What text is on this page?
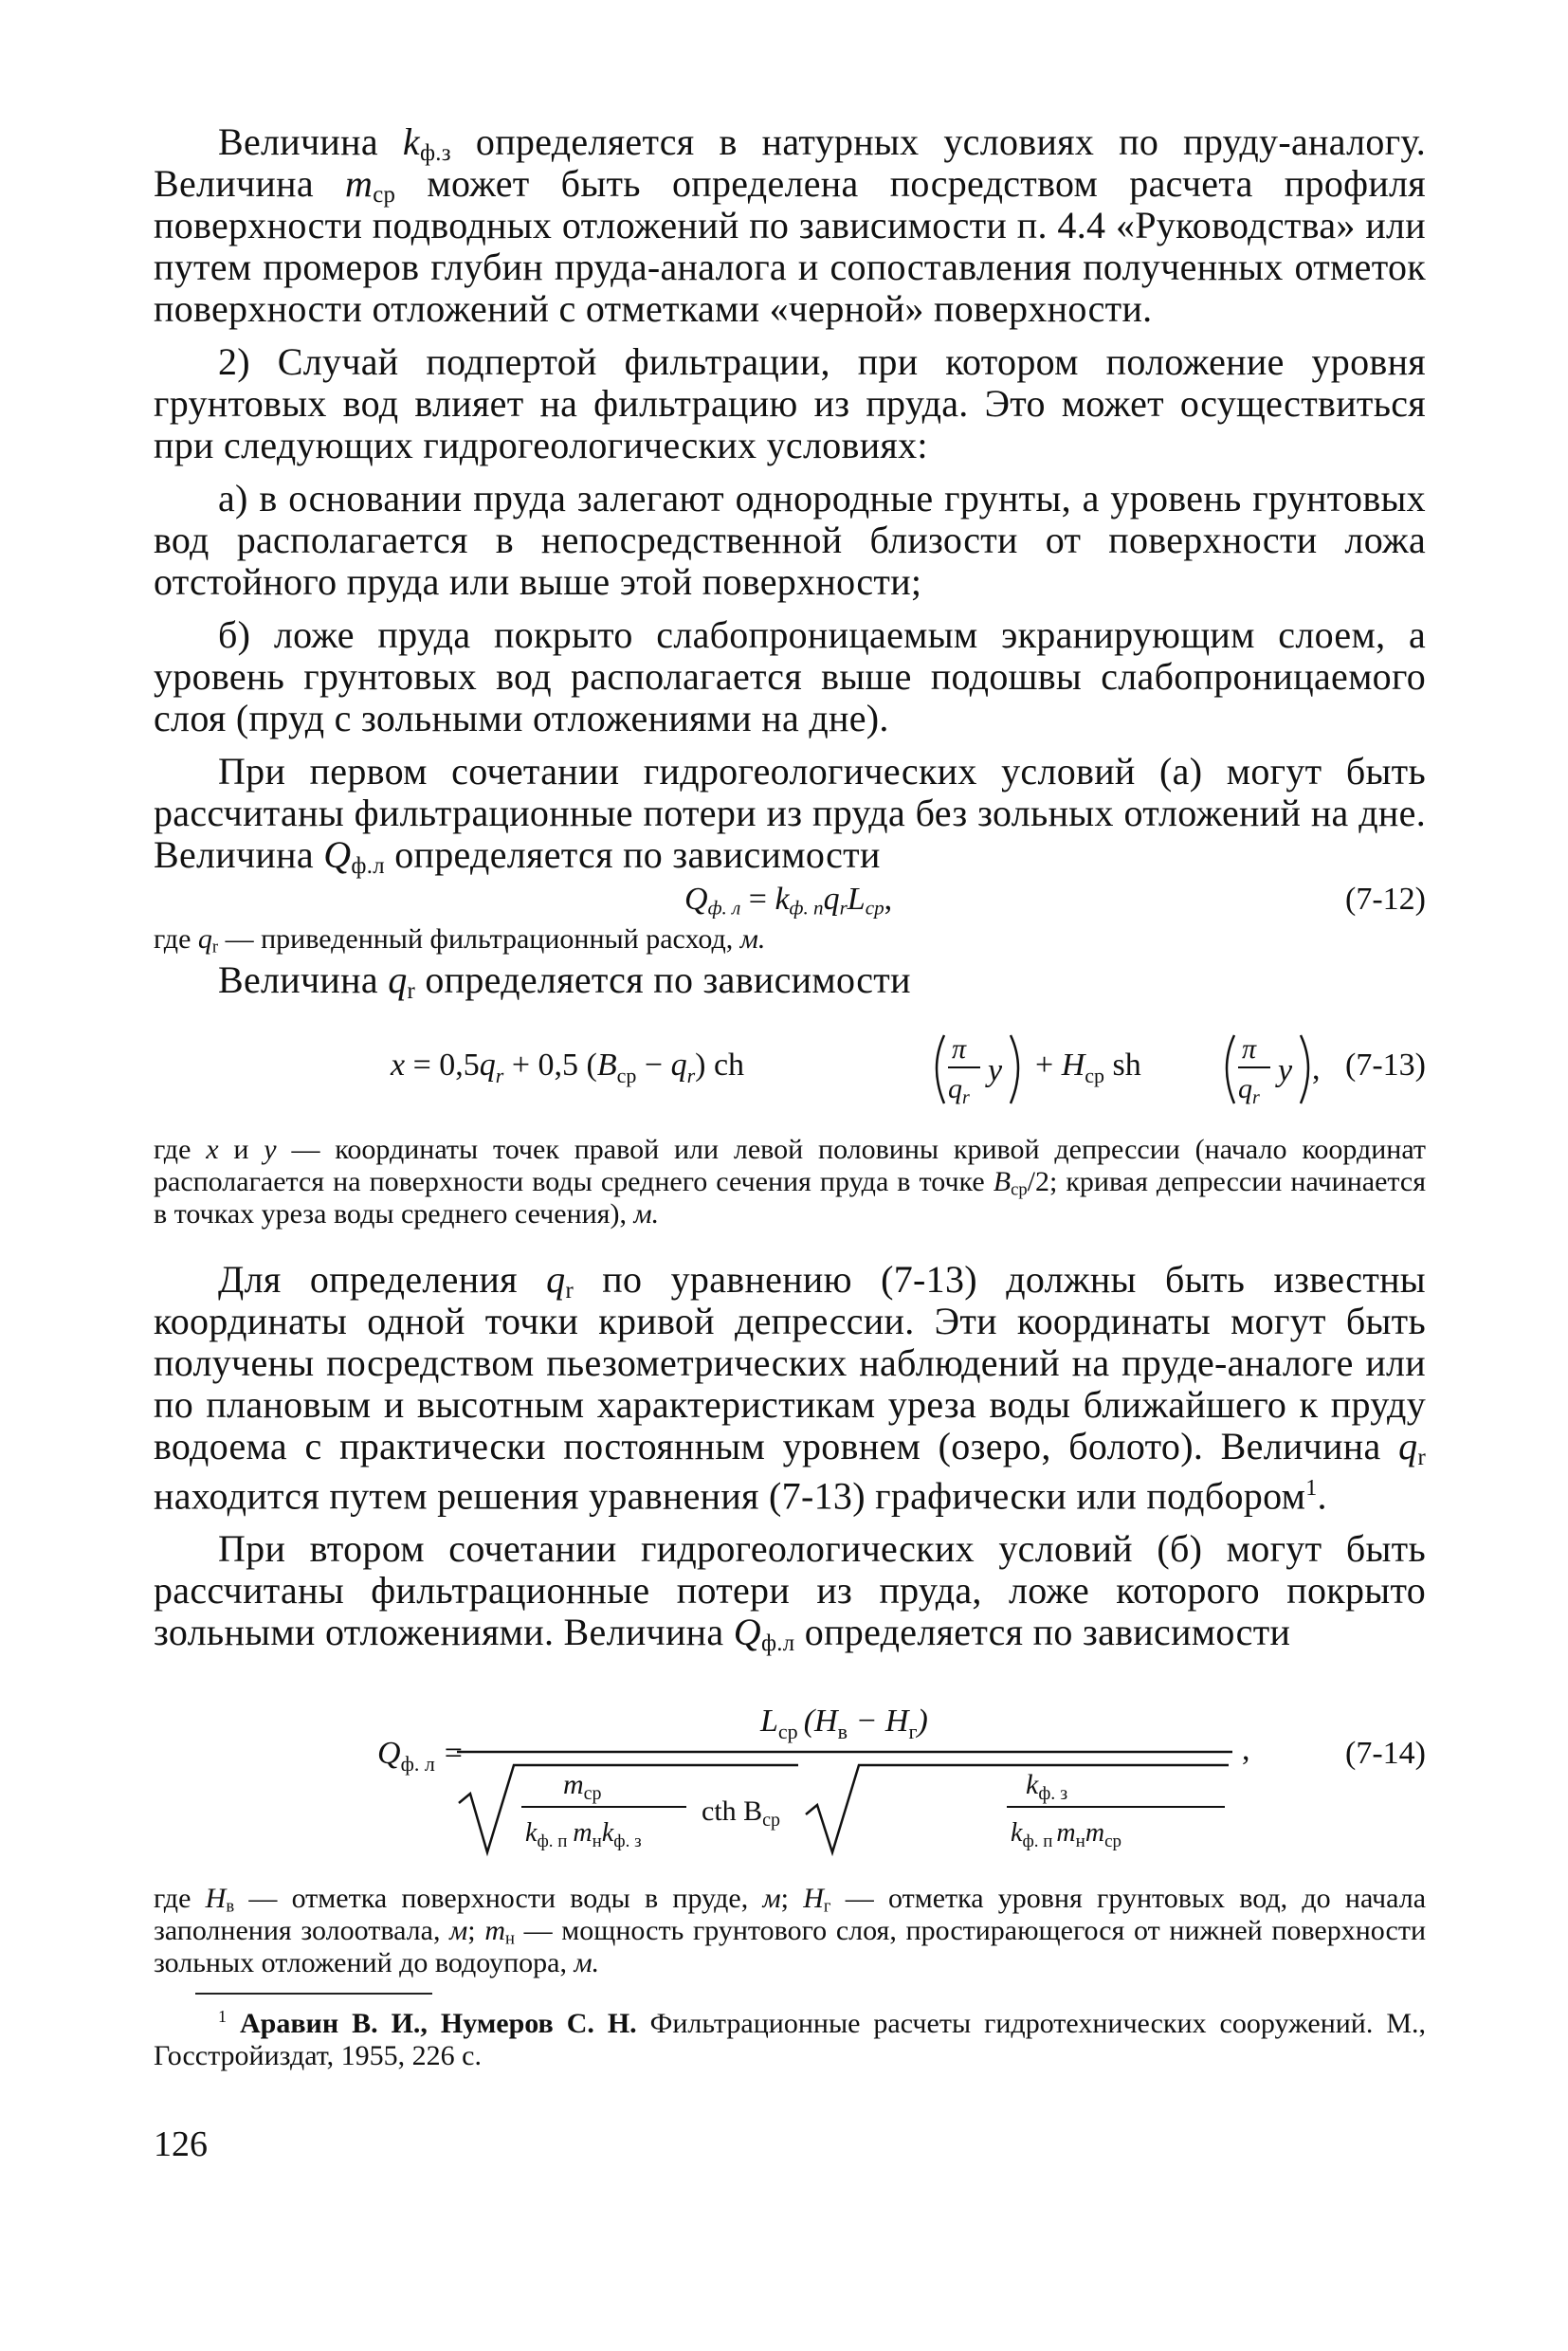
Величина $k_{ф.з}$ определяется в натурных условиях по пруду-аналогу. Величина $m_{ср}$ может быть определена посредством расчета профиля поверхности подводных отложений по зависимости п. 4.4 «Руководства» или путем промеров глубин пруда-аналога и сопоставления полученных отметок поверхности отложений с отметками «черной» поверхности.

2) Случай подпертой фильтрации, при котором положение уровня грунтовых вод влияет на фильтрацию из пруда. Это может осуществиться при следующих гидрогеологических условиях:

а) в основании пруда залегают однородные грунты, а уровень грунтовых вод располагается в непосредственной близости от поверхности ложа отстойного пруда или выше этой поверхности;

б) ложе пруда покрыто слабопроницаемым экранирующим слоем, а уровень грунтовых вод располагается выше подошвы слабопроницаемого слоя (пруд с зольными отложениями на дне).

При первом сочетании гидрогеологических условий (а) могут быть рассчитаны фильтрационные потери из пруда без зольных отложений на дне. Величина $Q_{ф.л}$ определяется по зависимости

$Q_{ф. л} = k_{ф. п}q_rL_{ср}$,	(7-12)

где $q_r$ — приведенный фильтрационный расход, м.

Величина $q_r$ определяется по зависимости

$x = 0,5q_r + 0,5$ $(B_{ср} - q_r)$ ch	π
$q_r$
$y + H_{ср}$ sh	π
$q_r$
y , (7-13)

где x и y — координаты точек правой или левой половины кривой депрессии (начало координат располагается на поверхности воды среднего сечения пруда в точке $B_{ср}/2$; кривая депрессии начинается в точках уреза воды среднего сечения), м.

Для определения $q_r$ по уравнению (7-13) должны быть известны координаты одной точки кривой депрессии. Эти координаты могут быть получены посредством пьезометрических наблюдений на пруде-аналоге или по плановым и высотным характеристикам уреза воды ближайшего к пруду водоема с практически постоянным уровнем (озеро, болото). Величина $q_r$ находится путем решения уравнения (7-13) графически или подбором$^1$.

При втором сочетании гидрогеологических условий (б) могут быть рассчитаны фильтрационные потери из пруда, ложе которого покрыто зольными отложениями. Величина $Q_{ф.л}$ определяется по зависимости

$Q_{ф. л}$ =
$L_{ср}$ $(H_в - H_г)$
$m_{ср}$
$k_{ф. п}$ $m_нk_{ф. з}$
cth $B_{ср}$
$k_{ф. з}$
$k_{ф. п}$ $m_нm_{ср}$
,	(7-14)

где $H_в$ — отметка поверхности воды в пруде, м; $H_г$ — отметка уровня грунтовых вод, до начала заполнения золоотвала, м; $m_н$ — мощность грунтового слоя, простирающегося от нижней поверхности зольных отложений до водоупора, м.

$^1$ Аравин В. И., Нумеров С. Н. Фильтрационные расчеты гидротехнических сооружений. М., Госстройиздат, 1955, 226 с.

126
